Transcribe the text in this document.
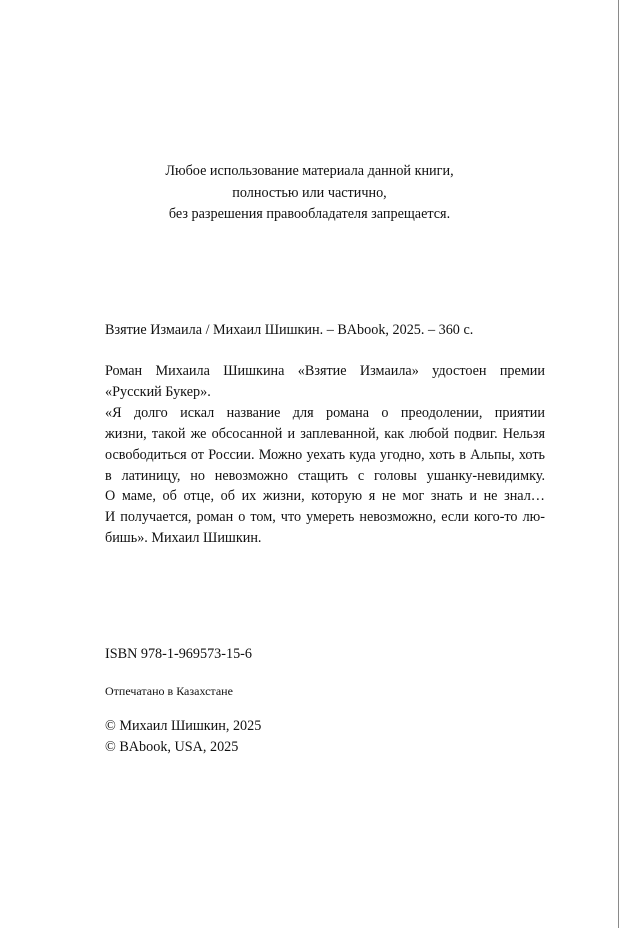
Любое использование материала данной книги,
полностью или частично,
без разрешения правообладателя запрещается.
Взятие Измаила / Михаил Шишкин. – BAbook, 2025. – 360 с.
Роман Михаила Шишкина «Взятие Измаила» удостоен премии
«Русский Букер».
«Я долго искал название для романа о преодолении, приятии
жизни, такой же обсосанной и заплеванной, как любой подвиг. Нельзя
освободиться от России. Можно уехать куда угодно, хоть в Альпы, хоть
в латиницу, но невозможно стащить с головы ушанку-невидимку.
О маме, об отце, об их жизни, которую я не мог знать и не знал…
И получается, роман о том, что умереть невозможно, если кого-то лю-
бишь». Михаил Шишкин.
ISBN 978-1-969573-15-6
Отпечатано в Казахстане
© Михаил Шишкин, 2025
© BAbook, USA, 2025
